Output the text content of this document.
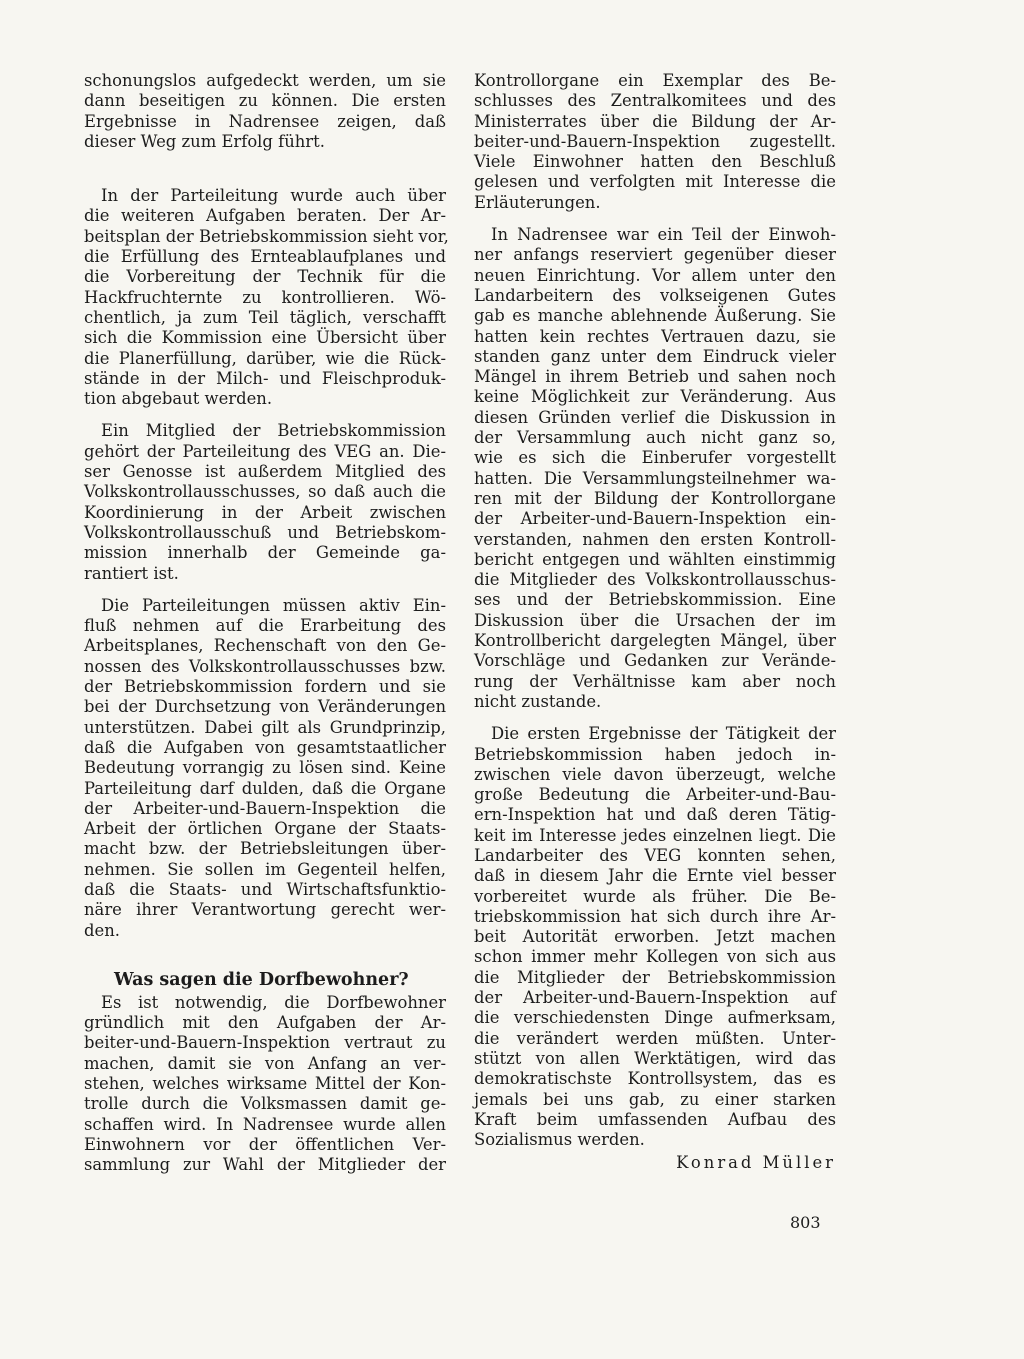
schonungslos aufgedeckt werden, um sie
dann beseitigen zu können. Die ersten
Ergebnisse in Nadrensee zeigen, daß
dieser Weg zum Erfolg führt.
In der Parteileitung wurde auch über
die weiteren Aufgaben beraten. Der Ar-
beitsplan der Betriebskommission sieht vor,
die Erfüllung des Ernteablaufplanes und
die Vorbereitung der Technik für die
Hackfruchternte zu kontrollieren. Wö-
chentlich, ja zum Teil täglich, verschafft
sich die Kommission eine Übersicht über
die Planerfüllung, darüber, wie die Rück-
stände in der Milch- und Fleischproduk-
tion abgebaut werden.
Ein Mitglied der Betriebskommission
gehört der Parteileitung des VEG an. Die-
ser Genosse ist außerdem Mitglied des
Volkskontrollausschusses, so daß auch die
Koordinierung in der Arbeit zwischen
Volkskontrollausschuß und Betriebskom-
mission innerhalb der Gemeinde ga-
rantiert ist.
Die Parteileitungen müssen aktiv Ein-
fluß nehmen auf die Erarbeitung des
Arbeitsplanes, Rechenschaft von den Ge-
nossen des Volkskontrollausschusses bzw.
der Betriebskommission fordern und sie
bei der Durchsetzung von Veränderungen
unterstützen. Dabei gilt als Grundprinzip,
daß die Aufgaben von gesamtstaatlicher
Bedeutung vorrangig zu lösen sind. Keine
Parteileitung darf dulden, daß die Organe
der Arbeiter-und-Bauern-Inspektion die
Arbeit der örtlichen Organe der Staats-
macht bzw. der Betriebsleitungen über-
nehmen. Sie sollen im Gegenteil helfen,
daß die Staats- und Wirtschaftsfunktio-
näre ihrer Verantwortung gerecht wer-
den.
Was sagen die Dorfbewohner?
Es ist notwendig, die Dorfbewohner
gründlich mit den Aufgaben der Ar-
beiter-und-Bauern-Inspektion vertraut zu
machen, damit sie von Anfang an ver-
stehen, welches wirksame Mittel der Kon-
trolle durch die Volksmassen damit ge-
schaffen wird. In Nadrensee wurde allen
Einwohnern vor der öffentlichen Ver-
sammlung zur Wahl der Mitglieder der
Kontrollorgane ein Exemplar des Be-
schlusses des Zentralkomitees und des
Ministerrates über die Bildung der Ar-
beiter-und-Bauern-Inspektion zugestellt.
Viele Einwohner hatten den Beschluß
gelesen und verfolgten mit Interesse die
Erläuterungen.
In Nadrensee war ein Teil der Einwoh-
ner anfangs reserviert gegenüber dieser
neuen Einrichtung. Vor allem unter den
Landarbeitern des volkseigenen Gutes
gab es manche ablehnende Äußerung. Sie
hatten kein rechtes Vertrauen dazu, sie
standen ganz unter dem Eindruck vieler
Mängel in ihrem Betrieb und sahen noch
keine Möglichkeit zur Veränderung. Aus
diesen Gründen verlief die Diskussion in
der Versammlung auch nicht ganz so,
wie es sich die Einberufer vorgestellt
hatten. Die Versammlungsteilnehmer wa-
ren mit der Bildung der Kontrollorgane
der Arbeiter-und-Bauern-Inspektion ein-
verstanden, nahmen den ersten Kontroll-
bericht entgegen und wählten einstimmig
die Mitglieder des Volkskontrollausschus-
ses und der Betriebskommission. Eine
Diskussion über die Ursachen der im
Kontrollbericht dargelegten Mängel, über
Vorschläge und Gedanken zur Verände-
rung der Verhältnisse kam aber noch
nicht zustande.
Die ersten Ergebnisse der Tätigkeit der
Betriebskommission haben jedoch in-
zwischen viele davon überzeugt, welche
große Bedeutung die Arbeiter-und-Bau-
ern-Inspektion hat und daß deren Tätig-
keit im Interesse jedes einzelnen liegt. Die
Landarbeiter des VEG konnten sehen,
daß in diesem Jahr die Ernte viel besser
vorbereitet wurde als früher. Die Be-
triebskommission hat sich durch ihre Ar-
beit Autorität erworben. Jetzt machen
schon immer mehr Kollegen von sich aus
die Mitglieder der Betriebskommission
der Arbeiter-und-Bauern-Inspektion auf
die verschiedensten Dinge aufmerksam,
die verändert werden müßten. Unter-
stützt von allen Werktätigen, wird das
demokratischste Kontrollsystem, das es
jemals bei uns gab, zu einer starken
Kraft beim umfassenden Aufbau des
Sozialismus werden.
Konrad Müller
803
